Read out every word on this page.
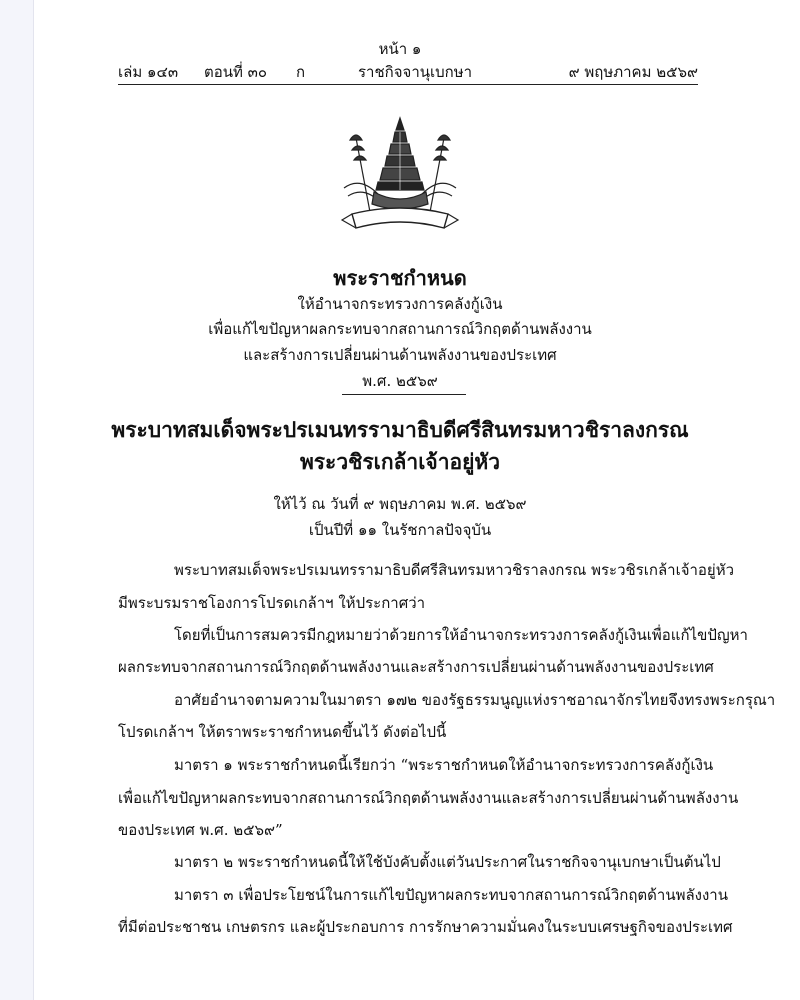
หน้า ๑
เล่ม ๑๔๓ ตอนที่ ๓๐ ก	ราชกิจจานุเบกษา	๙ พฤษภาคม ๒๕๖๙
พระราชกำหนด
ให้อำนาจกระทรวงการคลังกู้เงิน
เพื่อแก้ไขปัญหาผลกระทบจากสถานการณ์วิกฤตด้านพลังงาน
และสร้างการเปลี่ยนผ่านด้านพลังงานของประเทศ
พ.ศ. ๒๕๖๙
พระบาทสมเด็จพระปรเมนทรรามาธิบดีศรีสินทรมหาวชิราลงกรณ
พระวชิรเกล้าเจ้าอยู่หัว
ให้ไว้ ณ วันที่ ๙ พฤษภาคม พ.ศ. ๒๕๖๙
เป็นปีที่ ๑๑ ในรัชกาลปัจจุบัน
พระบาทสมเด็จพระปรเมนทรรามาธิบดีศรีสินทรมหาวชิราลงกรณ พระวชิรเกล้าเจ้าอยู่หัว
มีพระบรมราชโองการโปรดเกล้าฯ ให้ประกาศว่า
โดยที่เป็นการสมควรมีกฎหมายว่าด้วยการให้อำนาจกระทรวงการคลังกู้เงินเพื่อแก้ไขปัญหา
ผลกระทบจากสถานการณ์วิกฤตด้านพลังงานและสร้างการเปลี่ยนผ่านด้านพลังงานของประเทศ
อาศัยอำนาจตามความในมาตรา ๑๗๒ ของรัฐธรรมนูญแห่งราชอาณาจักรไทยจึงทรงพระกรุณา
โปรดเกล้าฯ ให้ตราพระราชกำหนดขึ้นไว้ ดังต่อไปนี้
มาตรา ๑ พระราชกำหนดนี้เรียกว่า “พระราชกำหนดให้อำนาจกระทรวงการคลังกู้เงิน
เพื่อแก้ไขปัญหาผลกระทบจากสถานการณ์วิกฤตด้านพลังงานและสร้างการเปลี่ยนผ่านด้านพลังงาน
ของประเทศ พ.ศ. ๒๕๖๙”
มาตรา ๒ พระราชกำหนดนี้ให้ใช้บังคับตั้งแต่วันประกาศในราชกิจจานุเบกษาเป็นต้นไป
มาตรา ๓ เพื่อประโยชน์ในการแก้ไขปัญหาผลกระทบจากสถานการณ์วิกฤตด้านพลังงาน
ที่มีต่อประชาชน เกษตรกร และผู้ประกอบการ การรักษาความมั่นคงในระบบเศรษฐกิจของประเทศ
